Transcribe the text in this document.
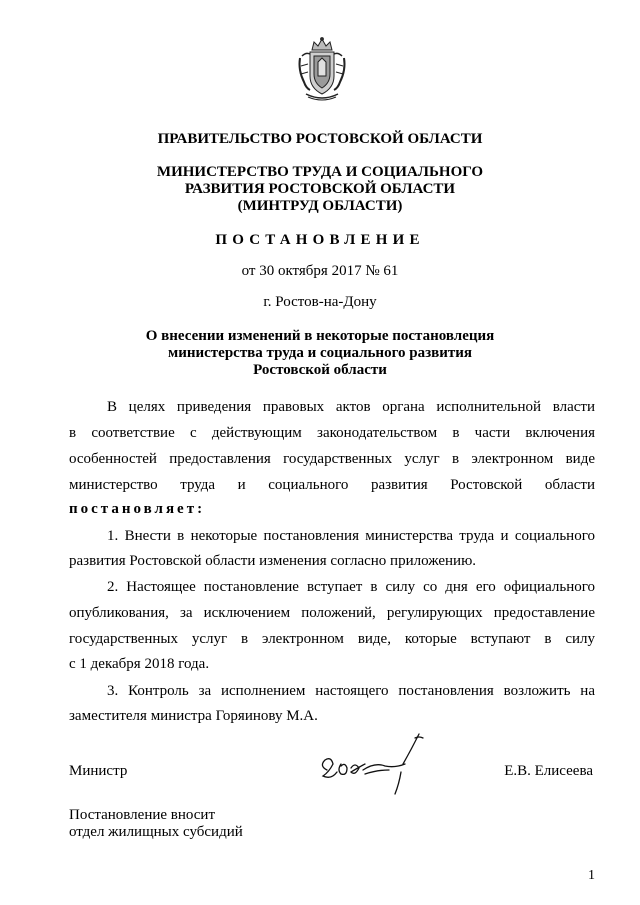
ПРАВИТЕЛЬСТВО РОСТОВСКОЙ ОБЛАСТИ
МИНИСТЕРСТВО ТРУДА И СОЦИАЛЬНОГО
РАЗВИТИЯ РОСТОВСКОЙ ОБЛАСТИ
(МИНТРУД ОБЛАСТИ)
ПОСТАНОВЛЕНИЕ
от 30 октября 2017 № 61
г. Ростов-на-Дону
О внесении изменений в некоторые постановлеция
министерства труда и социального развития
Ростовской области
В целях приведения правовых актов органа исполнительной власти
в соответствие с действующим законодательством в части включения
особенностей предоставления государственных услуг в электронном виде
министерство труда и социального развития Ростовской области
постановляет:
1. Внести в некоторые постановления министерства труда и социального
развития Ростовской области изменения согласно приложению.
2. Настоящее постановление вступает в силу со дня его официального
опубликования, за исключением положений, регулирующих предоставление
государственных услуг в электронном виде, которые вступают в силу
с 1 декабря 2018 года.
3. Контроль за исполнением настоящего постановления возложить на
заместителя министра Горяинову М.А.
Министр	Е.В. Елисеева
Постановление вносит
отдел жилищных субсидий
1
